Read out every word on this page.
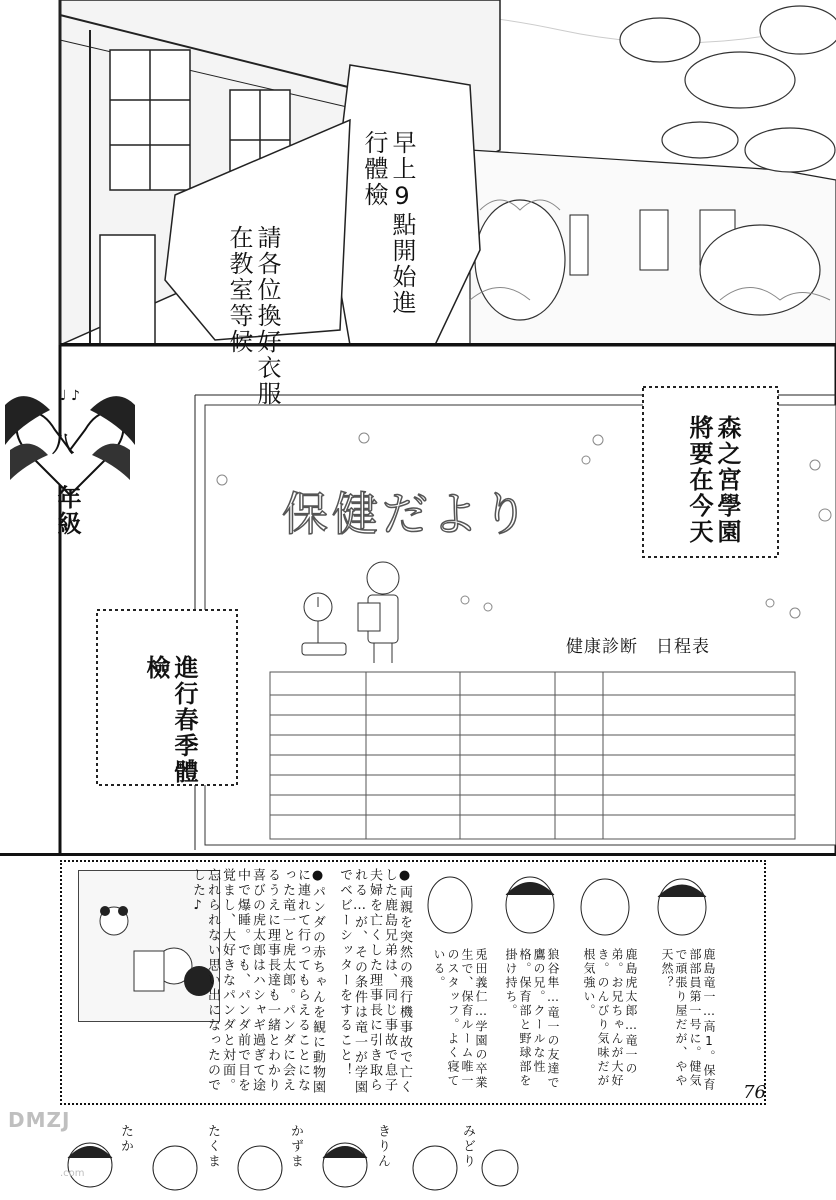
保健だより
健康診断　日程表
♩ ♪
八
年級
早上9點開始進行體檢
請各位換好衣服在教室等候
森之宮學園將要在今天
進行春季體檢
●パンダの赤ちゃんを観に動物園に連れて行ってもらえることになった竜一と虎太郎。パンダに会えるうえに理事長達も一緒とわかり喜びの虎太郎はハシャギ過ぎて途中で爆睡。でも、パンダ前で目を覚まし、大好きなパンダと対面。忘れられない思い出になったのでした♪	●両親を突然の飛行機事故で亡くした鹿島兄弟は、同じ事故で息子夫婦を亡くした理事長に引き取られる…が、その条件は竜一が学園でベビーシッターをすること！	兎田義仁…学園の卒業生で、保育ルーム唯一のスタッフ。よく寝ている。	狼谷隼…竜一の友達で鷹の兄。クールな性格。保育部と野球部を掛け持ち。	鹿島虎太郎…竜一の弟。お兄ちゃんが大好き。のんびり気味だが根気強い。	鹿島竜一…高1。保育部部員第一号に。健気で頑張り屋だが、やや天然？
たか	たくま	かずま	きりん	みどり
76
DMZJ
.com
